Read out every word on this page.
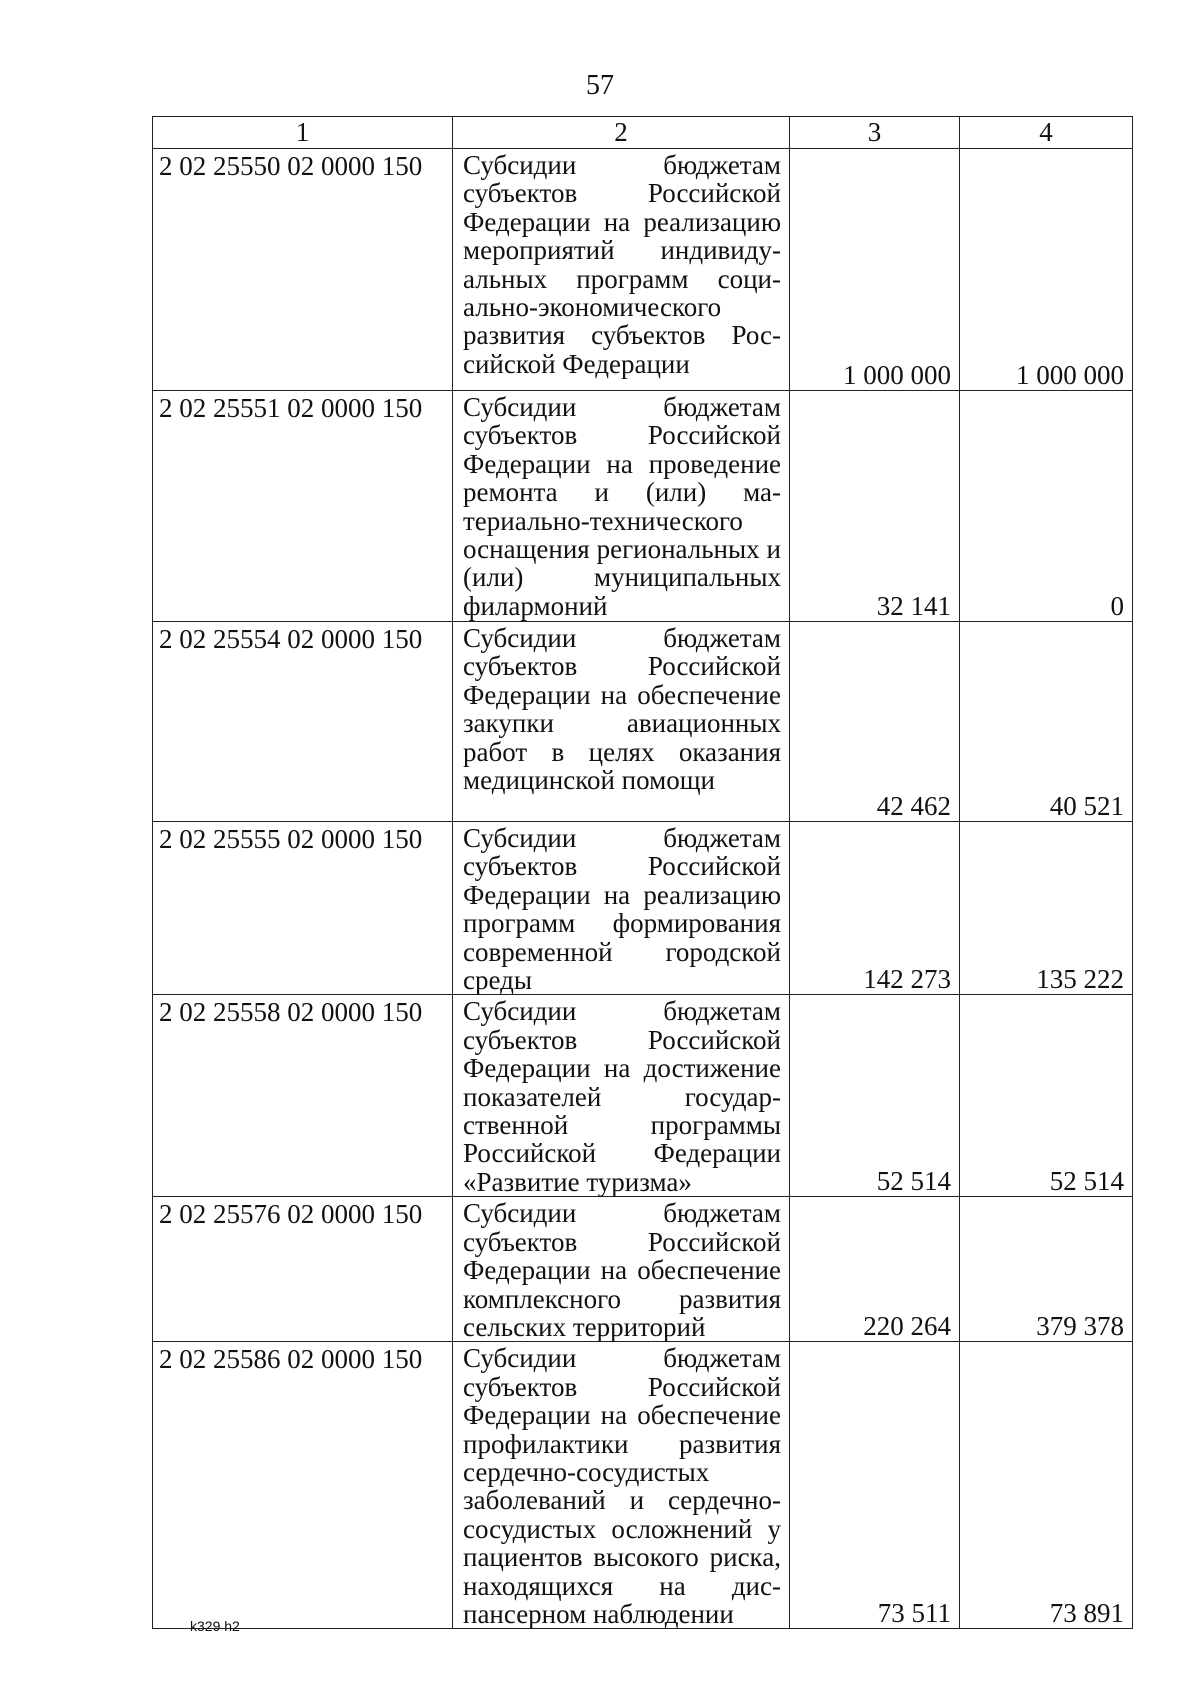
57
1	2	3	4
2 02 25550 02 0000 150	Субсидии бюджетам субъектов Российской Федерации на реализацию мероприятий индивидуальных программ социально-экономического развития субъектов Российской Федерации	1 000 000	1 000 000
2 02 25551 02 0000 150	Субсидии бюджетам субъектов Российской Федерации на проведение ремонта и (или) материально-технического оснащения региональных и (или) муниципальных филармоний	32 141	0
2 02 25554 02 0000 150	Субсидии бюджетам субъектов Российской Федерации на обеспечение закупки авиационных работ в целях оказания медицинской помощи	42 462	40 521
2 02 25555 02 0000 150	Субсидии бюджетам субъектов Российской Федерации на реализацию программ формирования современной городской среды	142 273	135 222
2 02 25558 02 0000 150	Субсидии бюджетам субъектов Российской Федерации на достижение показателей государственной программы Российской Федерации «Развитие туризма»	52 514	52 514
2 02 25576 02 0000 150	Субсидии бюджетам субъектов Российской Федерации на обеспечение комплексного развития сельских территорий	220 264	379 378
2 02 25586 02 0000 150	Субсидии бюджетам субъектов Российской Федерации на обеспечение профилактики развития сердечно-сосудистых заболеваний и сердечнососудистых осложнений у пациентов высокого риска, находящихся на диспансерном наблюдении	73 511	73 891
k329 h2
